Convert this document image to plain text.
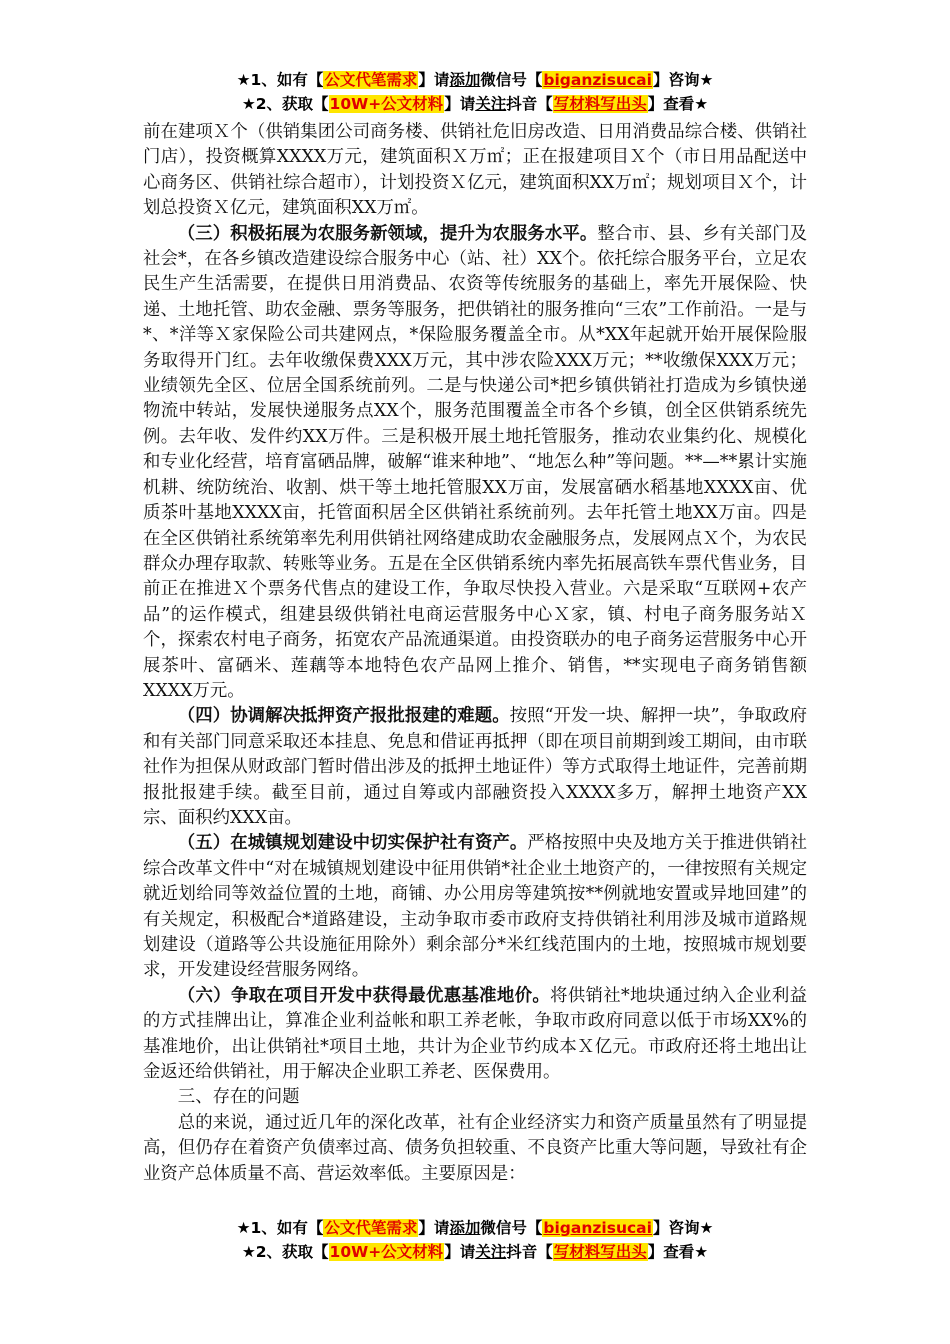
★1、如有【公文代笔需求】请添加微信号【biganzisucai】咨询★
★2、获取【10W+公文材料】请关注抖音【写材料写出头】查看★

前在建项Ｘ个（供销集团公司商务楼、供销社危旧房改造、日用消费品综合楼、供销社门店），投资概算XXXX万元，建筑面积Ｘ万㎡；正在报建项目Ｘ个（市日用品配送中心商务区、供销社综合超市），计划投资Ｘ亿元，建筑面积XX万㎡；规划项目Ｘ个，计划总投资Ｘ亿元，建筑面积XX万㎡。

（三）积极拓展为农服务新领域，提升为农服务水平。整合市、县、乡有关部门及社会*，在各乡镇改造建设综合服务中心（站、社）XX个。依托综合服务平台，立足农民生产生活需要，在提供日用消费品、农资等传统服务的基础上，率先开展保险、快递、土地托管、助农金融、票务等服务，把供销社的服务推向“三农”工作前沿。一是与*、*洋等Ｘ家保险公司共建网点，*保险服务覆盖全市。从*XX年起就开始开展保险服务取得开门红。去年收缴保费XXX万元，其中涉农险XXX万元；**收缴保XXX万元；业绩领先全区、位居全国系统前列。二是与快递公司*把乡镇供销社打造成为乡镇快递物流中转站，发展快递服务点XX个，服务范围覆盖全市各个乡镇，创全区供销系统先例。去年收、发件约XX万件。三是积极开展土地托管服务，推动农业集约化、规模化和专业化经营，培育富硒品牌，破解“谁来种地”、“地怎么种”等问题。**—**累计实施机耕、统防统治、收割、烘干等土地托管服XX万亩，发展富硒水稻基地XXXX亩、优质茶叶基地XXXX亩，托管面积居全区供销社系统前列。去年托管土地XX万亩。四是在全区供销社系统第率先利用供销社网络建成助农金融服务点，发展网点Ｘ个，为农民群众办理存取款、转账等业务。五是在全区供销系统内率先拓展高铁车票代售业务，目前正在推进Ｘ个票务代售点的建设工作，争取尽快投入营业。六是采取“互联网+农产品”的运作模式，组建县级供销社电商运营服务中心Ｘ家，镇、村电子商务服务站Ｘ个，探索农村电子商务，拓宽农产品流通渠道。由投资联办的电子商务运营服务中心开展茶叶、富硒米、莲藕等本地特色农产品网上推介、销售，**实现电子商务销售额XXXX万元。

（四）协调解决抵押资产报批报建的难题。按照“开发一块、解押一块”，争取政府和有关部门同意采取还本挂息、免息和借证再抵押（即在项目前期到竣工期间，由市联社作为担保从财政部门暂时借出涉及的抵押土地证件）等方式取得土地证件，完善前期报批报建手续。截至目前，通过自筹或内部融资投入XXXX多万，解押土地资产XX宗、面积约XXX亩。

（五）在城镇规划建设中切实保护社有资产。严格按照中央及地方关于推进供销社综合改革文件中“对在城镇规划建设中征用供销*社企业土地资产的，一律按照有关规定就近划给同等效益位置的土地，商铺、办公用房等建筑按**例就地安置或异地回建”的有关规定，积极配合*道路建设，主动争取市委市政府支持供销社利用涉及城市道路规划建设（道路等公共设施征用除外）剩余部分*米红线范围内的土地，按照城市规划要求，开发建设经营服务网络。

（六）争取在项目开发中获得最优惠基准地价。将供销社*地块通过纳入企业利益的方式挂牌出让，算准企业利益帐和职工养老帐，争取市政府同意以低于市场XX%的基准地价，出让供销社*项目土地，共计为企业节约成本Ｘ亿元。市政府还将土地出让金返还给供销社，用于解决企业职工养老、医保费用。

三、存在的问题

总的来说，通过近几年的深化改革，社有企业经济实力和资产质量虽然有了明显提高，但仍存在着资产负债率过高、债务负担较重、不良资产比重大等问题，导致社有企业资产总体质量不高、营运效率低。主要原因是：

★1、如有【公文代笔需求】请添加微信号【biganzisucai】咨询★
★2、获取【10W+公文材料】请关注抖音【写材料写出头】查看★
